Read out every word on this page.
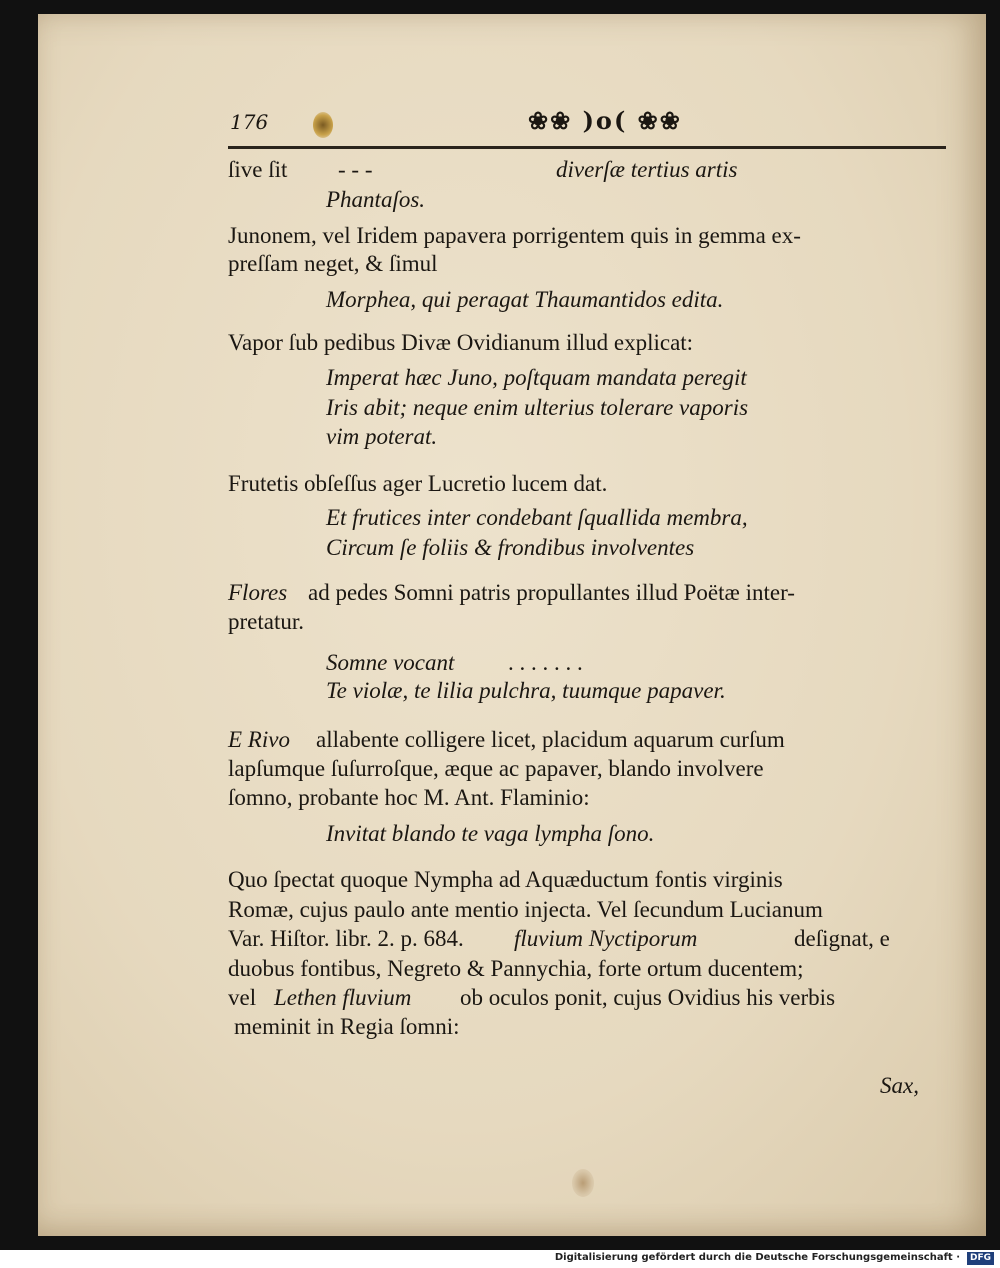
176	❀❀ )o( ❀❀
ſive ſit - - -	diverſæ tertius artis
Phantaſos.
Junonem, vel Iridem papavera porrigentem quis in gemma ex-
preſſam neget, & ſimul
Morphea, qui peragat Thaumantidos edita.
Vapor ſub pedibus Divæ Ovidianum illud explicat:
Imperat hæc Juno, poſtquam mandata peregit
Iris abit; neque enim ulterius tolerare vaporis
vim poterat.
Frutetis obſeſſus ager Lucretio lucem dat.
Et frutices inter condebant ſquallida membra,
Circum ſe foliis & frondibus involventes
Flores ad pedes Somni patris propullantes illud Poëtæ inter-
pretatur.
Somne vocant . . . . . . .
Te violæ, te lilia pulchra, tuumque papaver.
E Rivo allabente colligere licet, placidum aquarum curſum
lapſumque ſuſurroſque, æque ac papaver, blando involvere
ſomno, probante hoc M. Ant. Flaminio:
Invitat blando te vaga lympha ſono.
Quo ſpectat quoque Nympha ad Aquæductum fontis virginis
Romæ, cujus paulo ante mentio injecta. Vel ſecundum Lucianum
Var. Hiſtor. libr. 2. p. 684. fluvium Nyctiporum	deſignat, e
duobus fontibus, Negreto & Pannychia, forte ortum ducentem;
vel Lethen fluvium ob oculos ponit, cujus Ovidius his verbis
meminit in Regia ſomni:
Sax,
Digitalisierung gefördert durch die Deutsche Forschungsgemeinschaft ·	DFG
